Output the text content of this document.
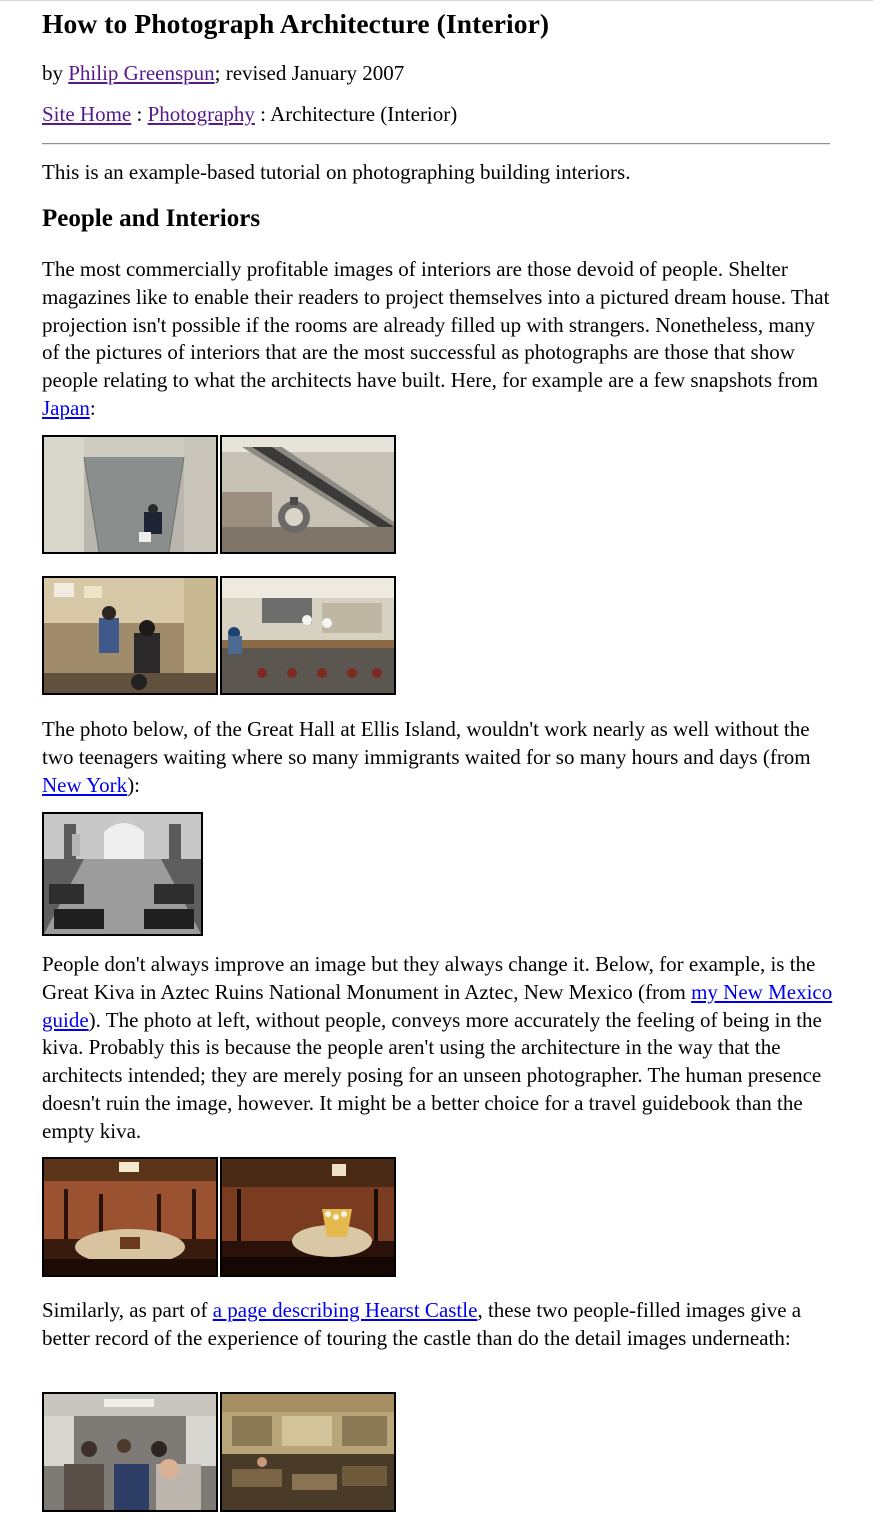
How to Photograph Architecture (Interior)
by Philip Greenspun; revised January 2007
Site Home : Photography : Architecture (Interior)
This is an example-based tutorial on photographing building interiors.
People and Interiors

The most commercially profitable images of interiors are those devoid of people. Shelter magazines like to enable their readers to project themselves into a pictured dream house. That projection isn't possible if the rooms are already filled up with strangers. Nonetheless, many of the pictures of interiors that are the most successful as photographs are those that show people relating to what the architects have built. Here, for example are a few snapshots from Japan:

The photo below, of the Great Hall at Ellis Island, wouldn't work nearly as well without the two teenagers waiting where so many immigrants waited for so many hours and days (from New York):

People don't always improve an image but they always change it. Below, for example, is the Great Kiva in Aztec Ruins National Monument in Aztec, New Mexico (from my New Mexico guide). The photo at left, without people, conveys more accurately the feeling of being in the kiva. Probably this is because the people aren't using the architecture in the way that the architects intended; they are merely posing for an unseen photographer. The human presence doesn't ruin the image, however. It might be a better choice for a travel guidebook than the empty kiva.

Similarly, as part of a page describing Hearst Castle, these two people-filled images give a better record of the experience of touring the castle than do the detail images underneath:
